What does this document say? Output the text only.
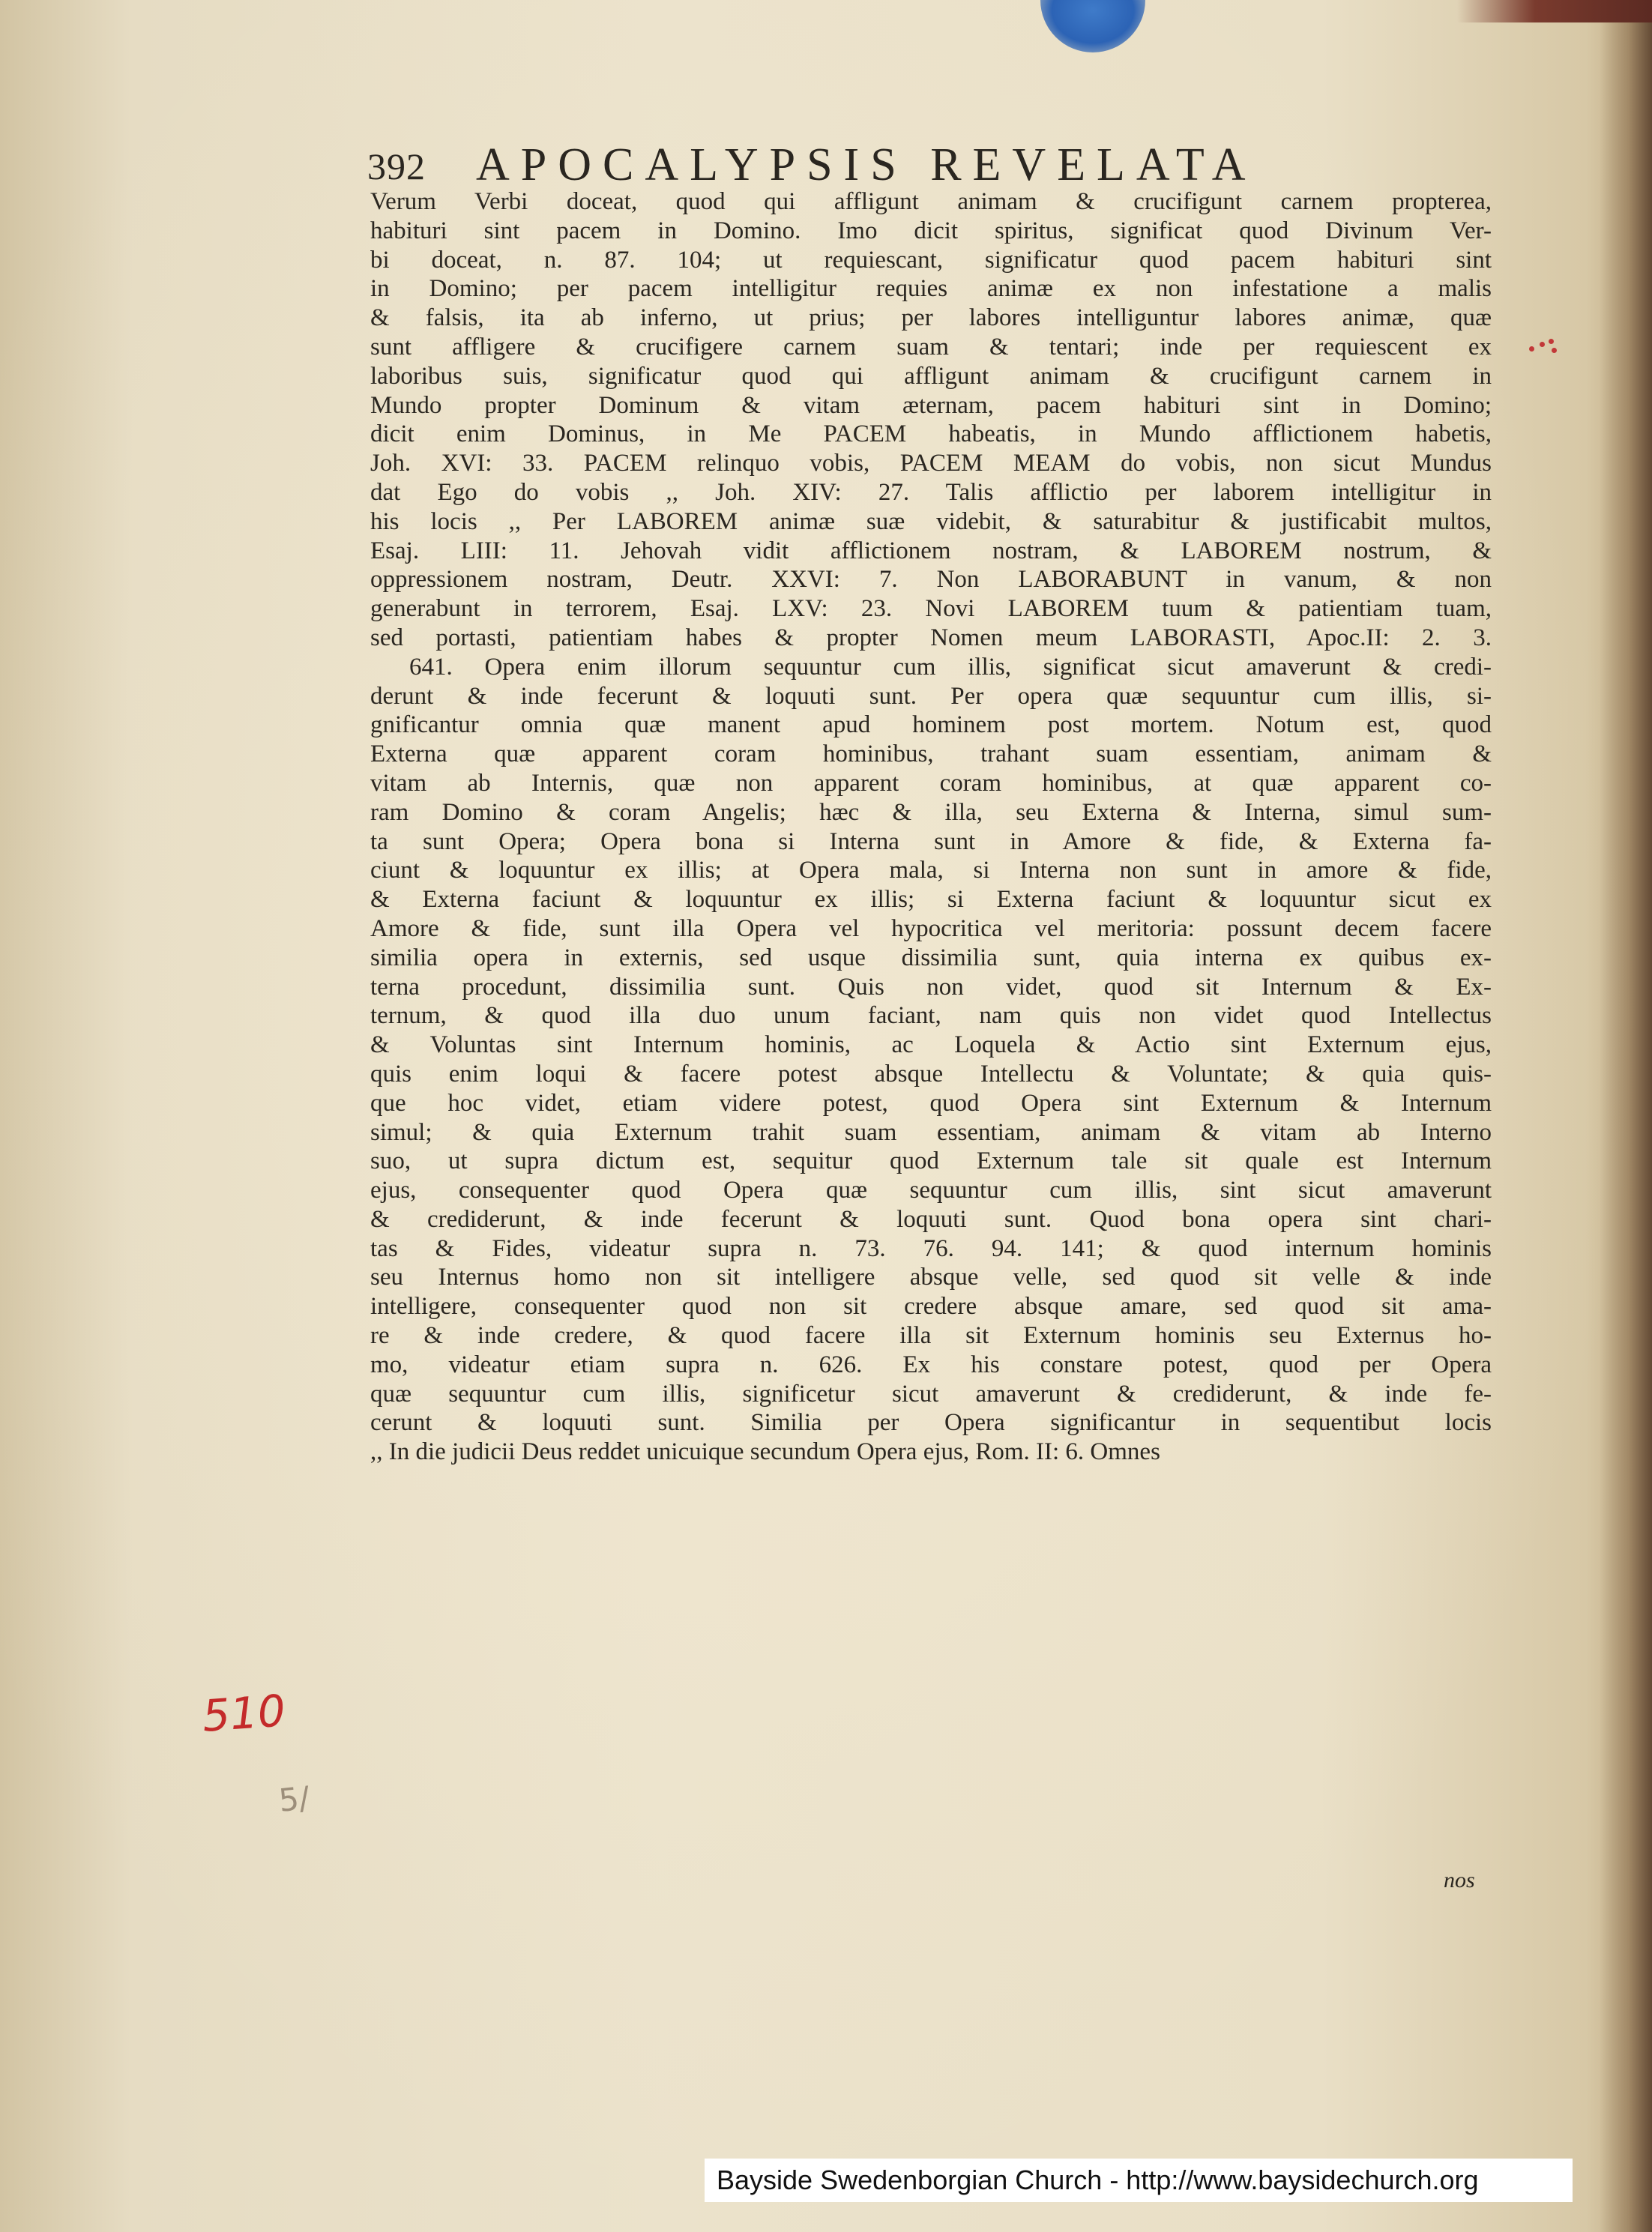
392 APOCALYPSIS REVELATA
Verum Verbi doceat, quod qui affligunt animam & crucifigunt carnem propterea,
habituri sint pacem in Domino. Imo dicit spiritus, significat quod Divinum Ver-
bi doceat, n. 87. 104; ut requiescant, significatur quod pacem habituri sint
in Domino; per pacem intelligitur requies animæ ex non infestatione a malis
& falsis, ita ab inferno, ut prius; per labores intelliguntur labores animæ, quæ
sunt affligere & crucifigere carnem suam & tentari; inde per requiescent ex
laboribus suis, significatur quod qui affligunt animam & crucifigunt carnem in
Mundo propter Dominum & vitam æternam, pacem habituri sint in Domino;
dicit enim Dominus, in Me PACEM habeatis, in Mundo afflictionem habetis,
Joh. XVI: 33. PACEM relinquo vobis, PACEM MEAM do vobis, non sicut Mundus
dat Ego do vobis ,, Joh. XIV: 27. Talis afflictio per laborem intelligitur in
his locis ,, Per LABOREM animæ suæ videbit, & saturabitur & justificabit multos,
Esaj. LIII: 11. Jehovah vidit afflictionem nostram, & LABOREM nostrum, &
oppressionem nostram, Deutr. XXVI: 7. Non LABORABUNT in vanum, & non
generabunt in terrorem, Esaj. LXV: 23. Novi LABOREM tuum & patientiam tuam,
sed portasti, patientiam habes & propter Nomen meum LABORASTI, Apoc.II: 2. 3.
641. Opera enim illorum sequuntur cum illis, significat sicut amaverunt & credi-
derunt & inde fecerunt & loquuti sunt. Per opera quæ sequuntur cum illis, si-
gnificantur omnia quæ manent apud hominem post mortem. Notum est, quod
Externa quæ apparent coram hominibus, trahant suam essentiam, animam &
vitam ab Internis, quæ non apparent coram hominibus, at quæ apparent co-
ram Domino & coram Angelis; hæc & illa, seu Externa & Interna, simul sum-
ta sunt Opera; Opera bona si Interna sunt in Amore & fide, & Externa fa-
ciunt & loquuntur ex illis; at Opera mala, si Interna non sunt in amore & fide,
& Externa faciunt & loquuntur ex illis; si Externa faciunt & loquuntur sicut ex
Amore & fide, sunt illa Opera vel hypocritica vel meritoria: possunt decem facere
similia opera in externis, sed usque dissimilia sunt, quia interna ex quibus ex-
terna procedunt, dissimilia sunt. Quis non videt, quod sit Internum & Ex-
ternum, & quod illa duo unum faciant, nam quis non videt quod Intellectus
& Voluntas sint Internum hominis, ac Loquela & Actio sint Externum ejus,
quis enim loqui & facere potest absque Intellectu & Voluntate; & quia quis-
que hoc videt, etiam videre potest, quod Opera sint Externum & Internum
simul; & quia Externum trahit suam essentiam, animam & vitam ab Interno
suo, ut supra dictum est, sequitur quod Externum tale sit quale est Internum
ejus, consequenter quod Opera quæ sequuntur cum illis, sint sicut amaverunt
& crediderunt, & inde fecerunt & loquuti sunt. Quod bona opera sint chari-
tas & Fides, videatur supra n. 73. 76. 94. 141; & quod internum hominis
seu Internus homo non sit intelligere absque velle, sed quod sit velle & inde
intelligere, consequenter quod non sit credere absque amare, sed quod sit ama-
re & inde credere, & quod facere illa sit Externum hominis seu Externus ho-
mo, videatur etiam supra n. 626. Ex his constare potest, quod per Opera
quæ sequuntur cum illis, significetur sicut amaverunt & crediderunt, & inde fe-
cerunt & loquuti sunt. Similia per Opera significantur in sequentibut locis
,, In die judicii Deus reddet unicuique secundum Opera ejus, Rom. II: 6. Omnes
nos
510
5/
Bayside Swedenborgian Church - http://www.baysidechurch.org
